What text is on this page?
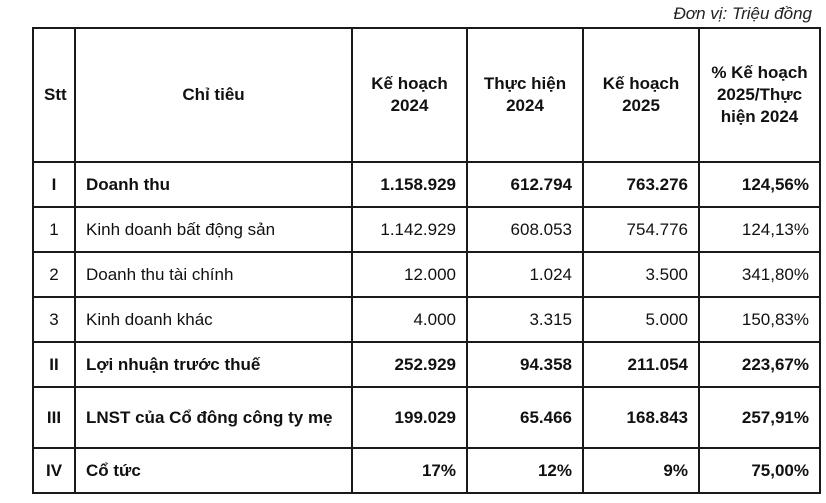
Đơn vị: Triệu đồng
Stt	Chỉ tiêu	Kế hoạch 2024	Thực hiện 2024	Kế hoạch 2025	% Kế hoạch 2025/Thực hiện 2024
I	Doanh thu	1.158.929	612.794	763.276	124,56%
1	Kinh doanh bất động sản	1.142.929	608.053	754.776	124,13%
2	Doanh thu tài chính	12.000	1.024	3.500	341,80%
3	Kinh doanh khác	4.000	3.315	5.000	150,83%
II	Lợi nhuận trước thuế	252.929	94.358	211.054	223,67%
III	LNST của Cổ đông công ty mẹ	199.029	65.466	168.843	257,91%
IV	Cổ tức	17%	12%	9%	75,00%
